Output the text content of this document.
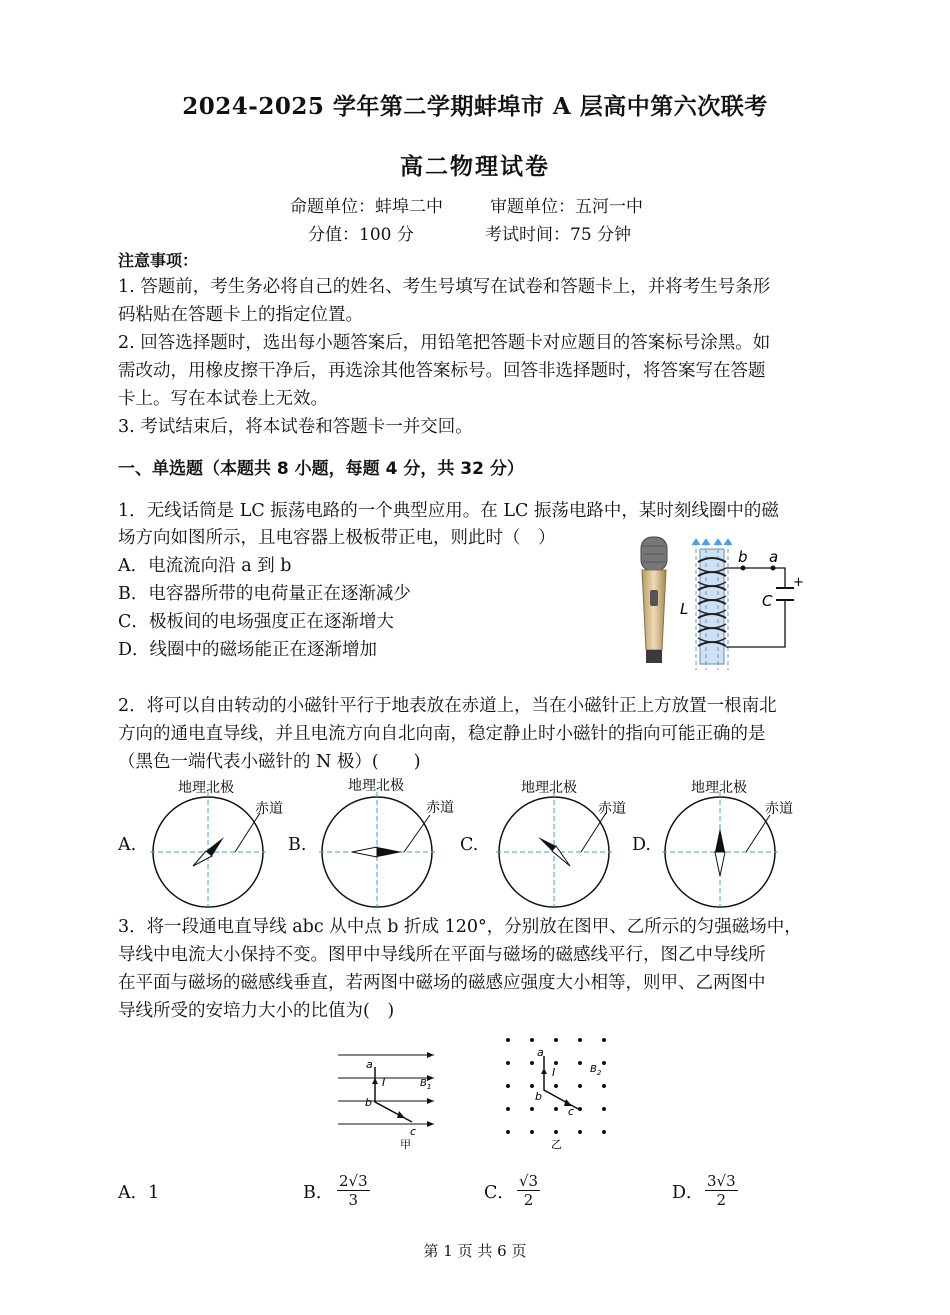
2024-2025 学年第二学期蚌埠市 A 层高中第六次联考
高二物理试卷
命题单位：蚌埠二中	审题单位：五河一中
分值：100 分	考试时间：75 分钟
注意事项：
1. 答题前，考生务必将自己的姓名、考生号填写在试卷和答题卡上，并将考生号条形
码粘贴在答题卡上的指定位置。
2. 回答选择题时，选出每小题答案后，用铅笔把答题卡对应题目的答案标号涂黑。如
需改动，用橡皮擦干净后，再选涂其他答案标号。回答非选择题时，将答案写在答题
卡上。写在本试卷上无效。
3. 考试结束后，将本试卷和答题卡一并交回。
一、单选题（本题共 8 小题，每题 4 分，共 32 分）
1．无线话筒是 LC 振荡电路的一个典型应用。在 LC 振荡电路中，某时刻线圈中的磁
场方向如图所示，且电容器上极板带正电，则此时（　）
A．电流流向沿 a 到 b
B．电容器所带的电荷量正在逐渐减少
C．极板间的电场强度正在逐渐增大
D．线圈中的磁场能正在逐渐增加
b a
L	C
+
2．将可以自由转动的小磁针平行于地表放在赤道上，当在小磁针正上方放置一根南北
方向的通电直导线，并且电流方向自北向南，稳定静止时小磁针的指向可能正确的是
（黑色一端代表小磁针的 N 极）(　　)
A.
地理北极
赤道
B.
地理北极
赤道
C.
地理北极
赤道
D.
地理北极
赤道
3．将一段通电直导线 abc 从中点 b 折成 120°，分别放在图甲、乙所示的匀强磁场中，
导线中电流大小保持不变。图甲中导线所在平面与磁场的磁感线平行，图乙中导线所
在平面与磁场的磁感线垂直，若两图中磁场的磁感应强度大小相等，则甲、乙两图中
导线所受的安培力大小的比值为(　)
a
I	$B_1$
b
c
甲
a
I	$B_2$
b
c
乙
A．1	B． $\frac{2√3}{3}$	C． $\frac{√3}{2}$	D． $\frac{3√3}{2}$
第 1 页 共 6 页
